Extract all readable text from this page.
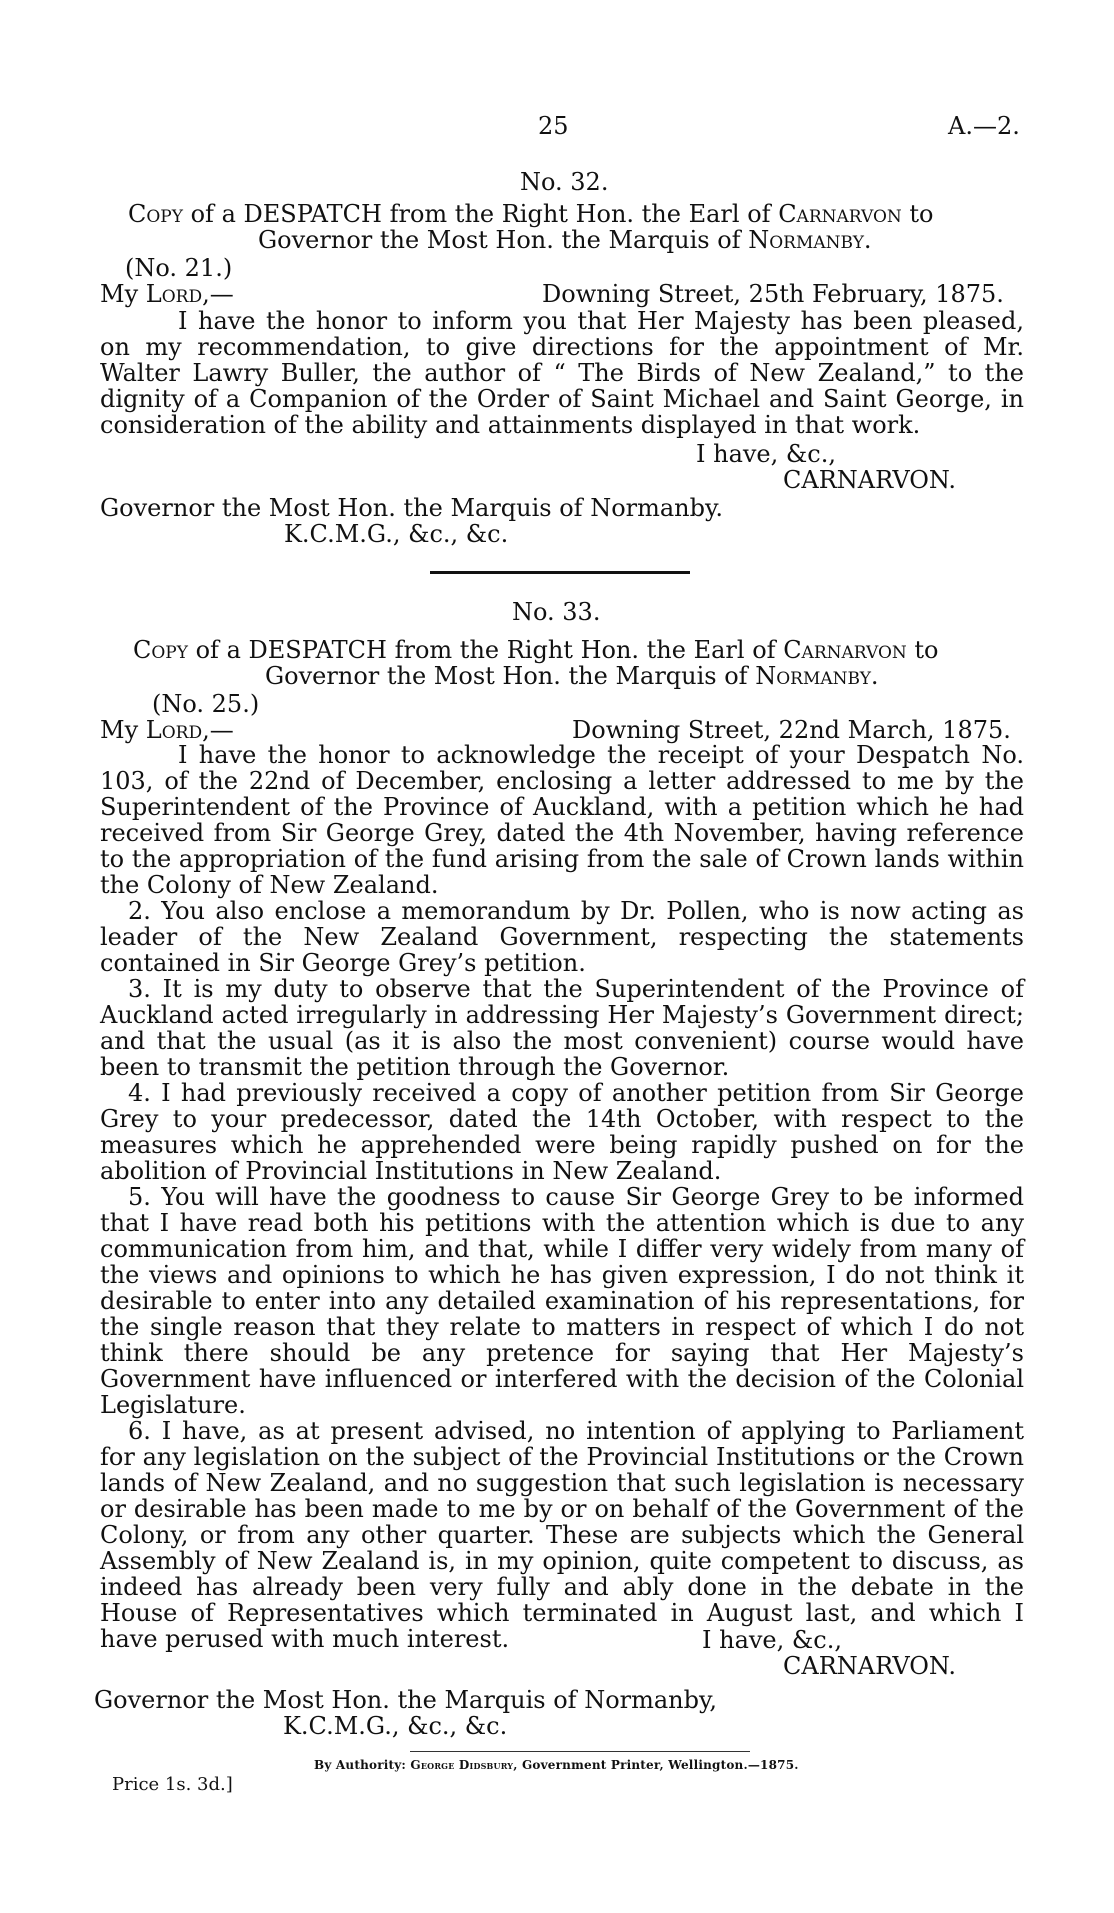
25	A.—2.
No. 32.
Copy of a DESPATCH from the Right Hon. the Earl of Carnarvon to
Governor the Most Hon. the Marquis of Normanby.
(No. 21.)
My Lord,—	Downing Street, 25th February, 1875.

I have the honor to inform you that Her Majesty has been pleased, on my recommendation, to give directions for the appointment of Mr. Walter Lawry Buller, the author of “ The Birds of New Zealand,” to the dignity of a Companion of the Order of Saint Michael and Saint George, in consideration of the ability and attainments displayed in that work.

I have, &c.,
CARNARVON.
Governor the Most Hon. the Marquis of Normanby.
K.C.M.G., &c., &c.
No. 33.
Copy of a DESPATCH from the Right Hon. the Earl of Carnarvon to
Governor the Most Hon. the Marquis of Normanby.
(No. 25.)
My Lord,—	Downing Street, 22nd March, 1875.

I have the honor to acknowledge the receipt of your Despatch No. 103, of the 22nd of December, enclosing a letter addressed to me by the Superintendent of the Province of Auckland, with a petition which he had received from Sir George Grey, dated the 4th November, having reference to the appropriation of the fund arising from the sale of Crown lands within the Colony of New Zealand.

2. You also enclose a memorandum by Dr. Pollen, who is now acting as leader of the New Zealand Government, respecting the statements contained in Sir George Grey’s petition.

3. It is my duty to observe that the Superintendent of the Province of Auckland acted irregularly in addressing Her Majesty’s Government direct; and that the usual (as it is also the most convenient) course would have been to transmit the petition through the Governor.

4. I had previously received a copy of another petition from Sir George Grey to your predecessor, dated the 14th October, with respect to the measures which he apprehended were being rapidly pushed on for the abolition of Provincial Institutions in New Zealand.

5. You will have the goodness to cause Sir George Grey to be informed that I have read both his petitions with the attention which is due to any communication from him, and that, while I differ very widely from many of the views and opinions to which he has given expression, I do not think it desirable to enter into any detailed examination of his representations, for the single reason that they relate to matters in respect of which I do not think there should be any pretence for saying that Her Majesty’s Government have influenced or interfered with the decision of the Colonial Legislature.

6. I have, as at present advised, no intention of applying to Parliament for any legislation on the subject of the Provincial Institutions or the Crown lands of New Zealand, and no suggestion that such legislation is necessary or desirable has been made to me by or on behalf of the Government of the Colony, or from any other quarter. These are subjects which the General Assembly of New Zealand is, in my opinion, quite competent to discuss, as indeed has already been very fully and ably done in the debate in the House of Representatives which terminated in August last, and which I have perused with much interest.	I have, &c.,
CARNARVON.
Governor the Most Hon. the Marquis of Normanby,
K.C.M.G., &c., &c.
By Authority: George Didsbury, Government Printer, Wellington.—1875.
Price 1s. 3d.]
